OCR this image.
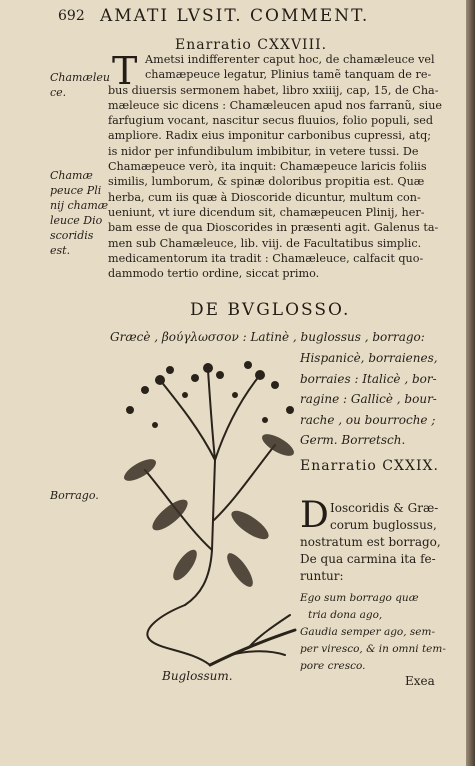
692 AMATI LVSIT. COMMENT.
Enarratio CXXVIII.
Chamæleu ce.
Chamæ peuce Pli nij chamæ leuce Dio scoridis est.
T Ametsi indifferenter caput hoc, de chamæleuce vel
chamæpeuce legatur, Plinius tamẽ tanquam de re-
bus diuersis sermonem habet, libro xxiiij, cap, 15, de Cha-
mæleuce sic dicens : Chamæleucen apud nos farranũ, siue
farfugium vocant, nascitur secus fluuios, folio populi, sed
ampliore. Radix eius imponitur carbonibus cupressi, atq;
is nidor per infundibulum imbibitur, in vetere tussi. De
Chamæpeuce verò, ita inquit: Chamæpeuce laricis foliis
similis, lumborum, & spinæ doloribus propitia est. Quæ
herba, cum iis quæ à Dioscoride dicuntur, multum con-
ueniunt, vt iure dicendum sit, chamæpeucen Plinij, her-
bam esse de qua Dioscorides in præsenti agit. Galenus ta-
men sub Chamæleuce, lib. viij. de Facultatibus simplic.
medicamentorum ita tradit : Chamæleuce, calfacit quo-
dammodo tertio ordine, siccat primo.
DE BVGLOSSO.
Græcè , βούγλωσσον : Latinè , buglossus , borrago:
Hispanicè, borraienes,
borraies : Italicè , bor-
ragine : Gallicè , bour-
rache , ou bourroche ;
Germ. Borretsch.
Enarratio CXXIX.
Borrago.	D Ioscoridis & Græ-
corum buglossus,
nostratum est borrago,
De qua carmina ita fe-
runtur:
Ego sum borrago quæ
tria dona ago,
Gaudia semper ago, sem-
per viresco, & in omni tem-
pore cresco.
Buglossum.	Exea
